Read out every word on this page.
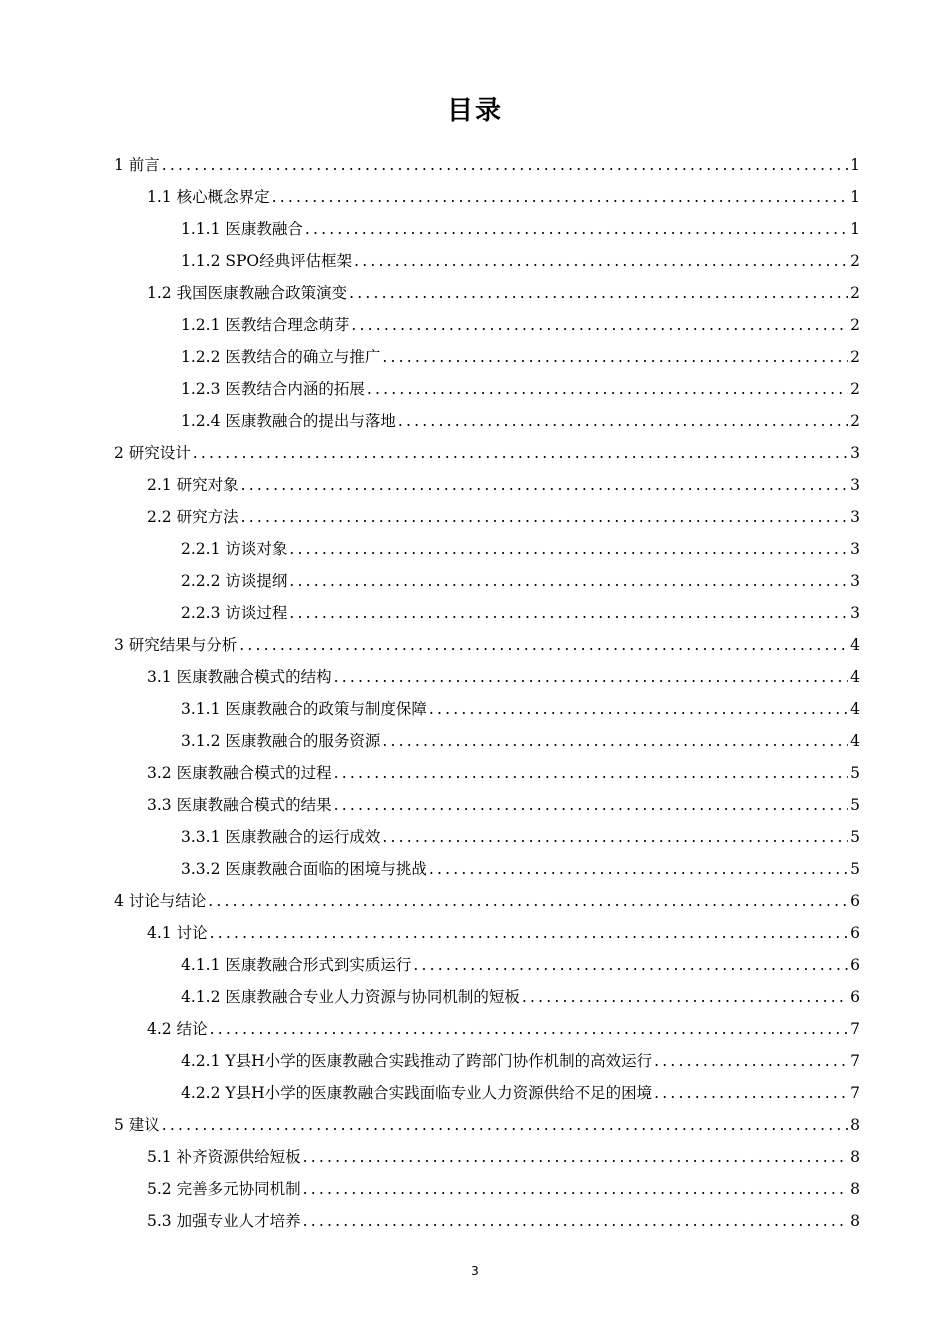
目录
1 前言 .....	1
1.1 核心概念界定 .....	1
1.1.1 医康教融合 .....	1
1.1.2 SPO经典评估框架 .....	2
1.2 我国医康教融合政策演变 .....	2
1.2.1 医教结合理念萌芽 .....	2
1.2.2 医教结合的确立与推广 .....	2
1.2.3 医教结合内涵的拓展 .....	2
1.2.4 医康教融合的提出与落地 .....	2
2 研究设计 .....	3
2.1 研究对象 .....	3
2.2 研究方法 .....	3
2.2.1 访谈对象 .....	3
2.2.2 访谈提纲 .....	3
2.2.3 访谈过程 .....	3
3 研究结果与分析 .....	4
3.1 医康教融合模式的结构 .....	4
3.1.1 医康教融合的政策与制度保障 .....	4
3.1.2 医康教融合的服务资源 .....	4
3.2 医康教融合模式的过程 .....	5
3.3 医康教融合模式的结果 .....	5
3.3.1 医康教融合的运行成效 .....	5
3.3.2 医康教融合面临的困境与挑战 .....	5
4 讨论与结论 .....	6
4.1 讨论 .....	6
4.1.1 医康教融合形式到实质运行 .....	6
4.1.2 医康教融合专业人力资源与协同机制的短板 .....	6
4.2 结论 .....	7
4.2.1 Y县H小学的医康教融合实践推动了跨部门协作机制的高效运行 .....	7
4.2.2 Y县H小学的医康教融合实践面临专业人力资源供给不足的困境 .....	7
5 建议 .....	8
5.1 补齐资源供给短板 .....	8
5.2 完善多元协同机制 .....	8
5.3 加强专业人才培养 .....	8
3
